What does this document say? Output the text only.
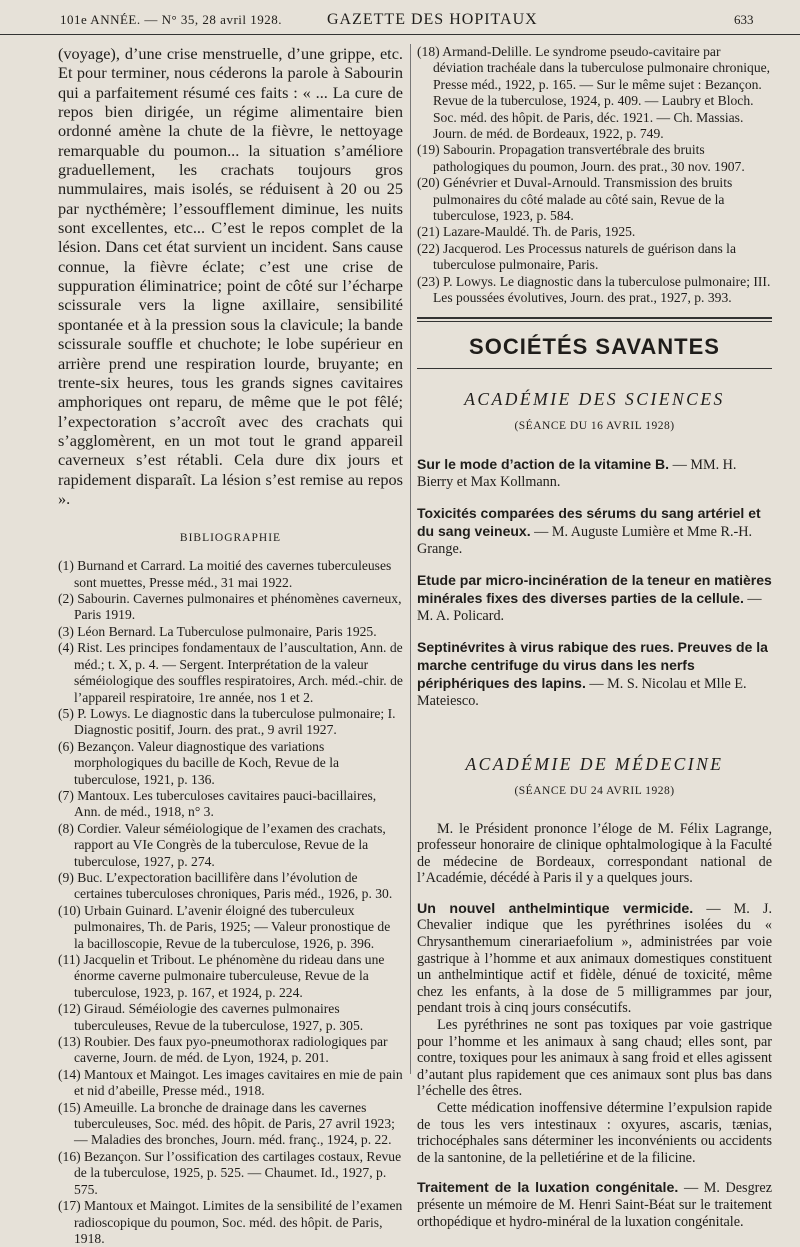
101e ANNÉE. — N° 35, 28 avril 1928.	GAZETTE DES HOPITAUX	633

(voyage), d’une crise menstruelle, d’une grippe, etc. Et pour terminer, nous céderons la parole à Sabourin qui a parfaitement résumé ces faits : « ... La cure de repos bien dirigée, un régime alimentaire bien ordonné amène la chute de la fièvre, le nettoyage remarquable du poumon... la situation s’améliore graduellement, les crachats toujours gros nummulaires, mais isolés, se réduisent à 20 ou 25 par nycthémère; l’essoufflement diminue, les nuits sont excellentes, etc... C’est le repos complet de la lésion. Dans cet état survient un incident. Sans cause connue, la fièvre éclate; c’est une crise de suppuration éliminatrice; point de côté sur l’écharpe scissurale vers la ligne axillaire, sensibilité spontanée et à la pression sous la clavicule; la bande scissurale souffle et chuchote; le lobe supérieur en arrière prend une respiration lourde, bruyante; en trente-six heures, tous les grands signes cavitaires amphoriques ont reparu, de même que le pot fêlé; l’expectoration s’accroît avec des crachats qui s’agglomèrent, en un mot tout le grand appareil caverneux s’est rétabli. Cela dure dix jours et rapidement disparaît. La lésion s’est remise au repos ».

BIBLIOGRAPHIE

(1) Burnand et Carrard. La moitié des cavernes tuberculeuses sont muettes, Presse méd., 31 mai 1922.

(2) Sabourin. Cavernes pulmonaires et phénomènes caverneux, Paris 1919.

(3) Léon Bernard. La Tuberculose pulmonaire, Paris 1925.

(4) Rist. Les principes fondamentaux de l’auscultation, Ann. de méd.; t. X, p. 4. — Sergent. Interprétation de la valeur séméiologique des souffles respiratoires, Arch. méd.-chir. de l’appareil respiratoire, 1re année, nos 1 et 2.

(5) P. Lowys. Le diagnostic dans la tuberculose pulmonaire; I. Diagnostic positif, Journ. des prat., 9 avril 1927.

(6) Bezançon. Valeur diagnostique des variations morphologiques du bacille de Koch, Revue de la tuberculose, 1921, p. 136.

(7) Mantoux. Les tuberculoses cavitaires pauci-bacillaires, Ann. de méd., 1918, n° 3.

(8) Cordier. Valeur séméiologique de l’examen des crachats, rapport au VIe Congrès de la tuberculose, Revue de la tuberculose, 1927, p. 274.

(9) Buc. L’expectoration bacillifère dans l’évolution de certaines tuberculoses chroniques, Paris méd., 1926, p. 30.

(10) Urbain Guinard. L’avenir éloigné des tuberculeux pulmonaires, Th. de Paris, 1925; — Valeur pronostique de la bacilloscopie, Revue de la tuberculose, 1926, p. 396.

(11) Jacquelin et Tribout. Le phénomène du rideau dans une énorme caverne pulmonaire tuberculeuse, Revue de la tuberculose, 1923, p. 167, et 1924, p. 224.

(12) Giraud. Séméiologie des cavernes pulmonaires tuberculeuses, Revue de la tuberculose, 1927, p. 305.

(13) Roubier. Des faux pyo-pneumothorax radiologiques par caverne, Journ. de méd. de Lyon, 1924, p. 201.

(14) Mantoux et Maingot. Les images cavitaires en mie de pain et nid d’abeille, Presse méd., 1918.

(15) Ameuille. La bronche de drainage dans les cavernes tuberculeuses, Soc. méd. des hôpit. de Paris, 27 avril 1923; — Maladies des bronches, Journ. méd. franç., 1924, p. 22.

(16) Bezançon. Sur l’ossification des cartilages costaux, Revue de la tuberculose, 1925, p. 525. — Chaumet. Id., 1927, p. 575.

(17) Mantoux et Maingot. Limites de la sensibilité de l’examen radioscopique du poumon, Soc. méd. des hôpit. de Paris, 1918.

(18) Armand-Delille. Le syndrome pseudo-cavitaire par déviation trachéale dans la tuberculose pulmonaire chronique, Presse méd., 1922, p. 165. — Sur le même sujet : Bezançon. Revue de la tuberculose, 1924, p. 409. — Laubry et Bloch. Soc. méd. des hôpit. de Paris, déc. 1921. — Ch. Massias. Journ. de méd. de Bordeaux, 1922, p. 749.

(19) Sabourin. Propagation transvertébrale des bruits pathologiques du poumon, Journ. des prat., 30 nov. 1907.

(20) Génévrier et Duval-Arnould. Transmission des bruits pulmonaires du côté malade au côté sain, Revue de la tuberculose, 1923, p. 584.

(21) Lazare-Mauldé. Th. de Paris, 1925.

(22) Jacquerod. Les Processus naturels de guérison dans la tuberculose pulmonaire, Paris.

(23) P. Lowys. Le diagnostic dans la tuberculose pulmonaire; III. Les poussées évolutives, Journ. des prat., 1927, p. 393.

SOCIÉTÉS SAVANTES
ACADÉMIE DES SCIENCES
(SÉANCE DU 16 AVRIL 1928)

Sur le mode d’action de la vitamine B. — MM. H. Bierry et Max Kollmann.

Toxicités comparées des sérums du sang artériel et du sang veineux. — M. Auguste Lumière et Mme R.-H. Grange.

Etude par micro-incinération de la teneur en matières minérales fixes des diverses parties de la cellule. — M. A. Policard.

Septinévrites à virus rabique des rues. Preuves de la marche centrifuge du virus dans les nerfs périphériques des lapins. — M. S. Nicolau et Mlle E. Mateiesco.

ACADÉMIE DE MÉDECINE
(SÉANCE DU 24 AVRIL 1928)

M. le Président prononce l’éloge de M. Félix Lagrange, professeur honoraire de clinique ophtalmologique à la Faculté de médecine de Bordeaux, correspondant national de l’Académie, décédé à Paris il y a quelques jours.

Un nouvel anthelmintique vermicide. — M. J. Chevalier indique que les pyréthrines isolées du « Chrysanthemum cinerariaefolium », administrées par voie gastrique à l’homme et aux animaux domestiques constituent un anthelmintique actif et fidèle, dénué de toxicité, même chez les enfants, à la dose de 5 milligrammes par jour, pendant trois à cinq jours consécutifs.

Les pyréthrines ne sont pas toxiques par voie gastrique pour l’homme et les animaux à sang chaud; elles sont, par contre, toxiques pour les animaux à sang froid et elles agissent d’autant plus rapidement que ces animaux sont plus bas dans l’échelle des êtres.

Cette médication inoffensive détermine l’expulsion rapide de tous les vers intestinaux : oxyures, ascaris, tænias, trichocéphales sans déterminer les inconvénients ou accidents de la santonine, de la pelletiérine et de la filicine.

Traitement de la luxation congénitale. — M. Desgrez présente un mémoire de M. Henri Saint-Béat sur le traitement orthopédique et hydro-minéral de la luxation congénitale.
